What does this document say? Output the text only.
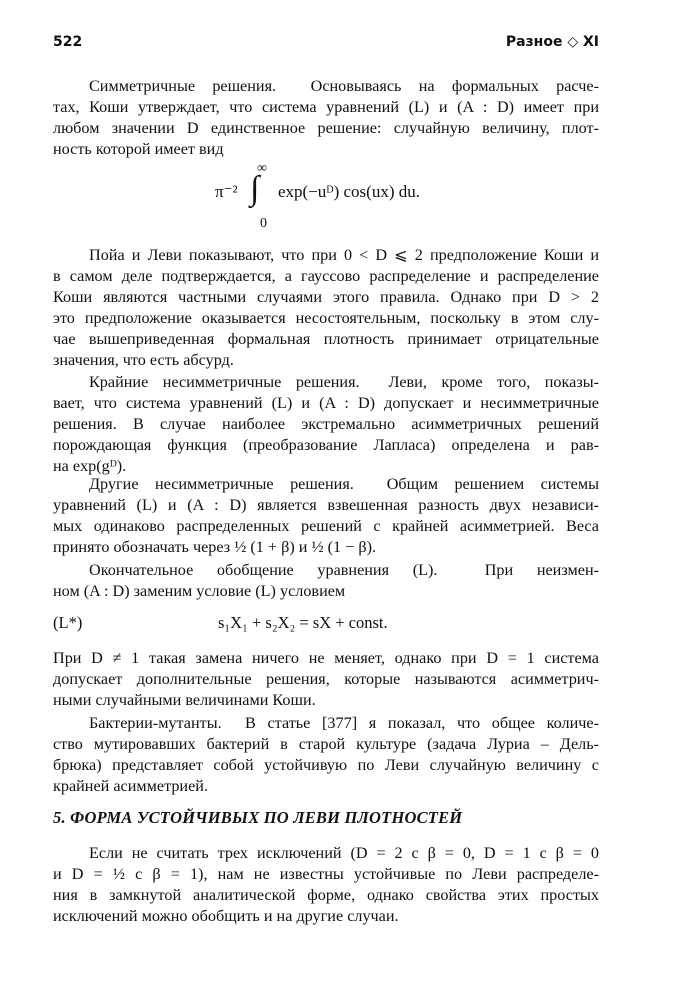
522	Разное ◇ XI
Симметричные решения.  Основываясь на формальных расче-
тах, Коши утверждает, что система уравнений (L) и (A : D) имеет при
любом значении D единственное решение: случайную величину, плот-
ность которой имеет вид
π⁻²
∞
∫
0
exp(−uᴰ) cos(ux) du.
Пойа и Леви показывают, что при 0 < D ⩽ 2 предположение Коши и
в самом деле подтверждается, а гауссово распределение и распределение
Коши являются частными случаями этого правила. Однако при D > 2
это предположение оказывается несостоятельным, поскольку в этом слу-
чае вышеприведенная формальная плотность принимает отрицательные
значения, что есть абсурд.
Крайние несимметричные решения.  Леви, кроме того, показы-
вает, что система уравнений (L) и (A : D) допускает и несимметричные
решения. В случае наиболее экстремально асимметричных решений
порождающая функция (преобразование Лапласа) определена и рав-
на exp(gᴰ).
Другие несимметричные решения.  Общим решением системы
уравнений (L) и (A : D) является взвешенная разность двух независи-
мых одинаково распределенных решений с крайней асимметрией. Веса
принято обозначать через ½ (1 + β) и ½ (1 − β).
Окончательное обобщение уравнения (L).  При неизмен-
ном (A : D) заменим условие (L) условием
(L*)	s₁X₁ + s₂X₂ = sX + const.
При D ≠ 1 такая замена ничего не меняет, однако при D = 1 система
допускает дополнительные решения, которые называются асимметрич-
ными случайными величинами Коши.
Бактерии-мутанты.  В статье [377] я показал, что общее количе-
ство мутировавших бактерий в старой культуре (задача Луриа – Дель-
брюка) представляет собой устойчивую по Леви случайную величину с
крайней асимметрией.
5. ФОРМА УСТОЙЧИВЫХ ПО ЛЕВИ ПЛОТНОСТЕЙ
Если не считать трех исключений (D = 2 с β = 0, D = 1 с β = 0
и D = ½ с β = 1), нам не известны устойчивые по Леви распределе-
ния в замкнутой аналитической форме, однако свойства этих простых
исключений можно обобщить и на другие случаи.
